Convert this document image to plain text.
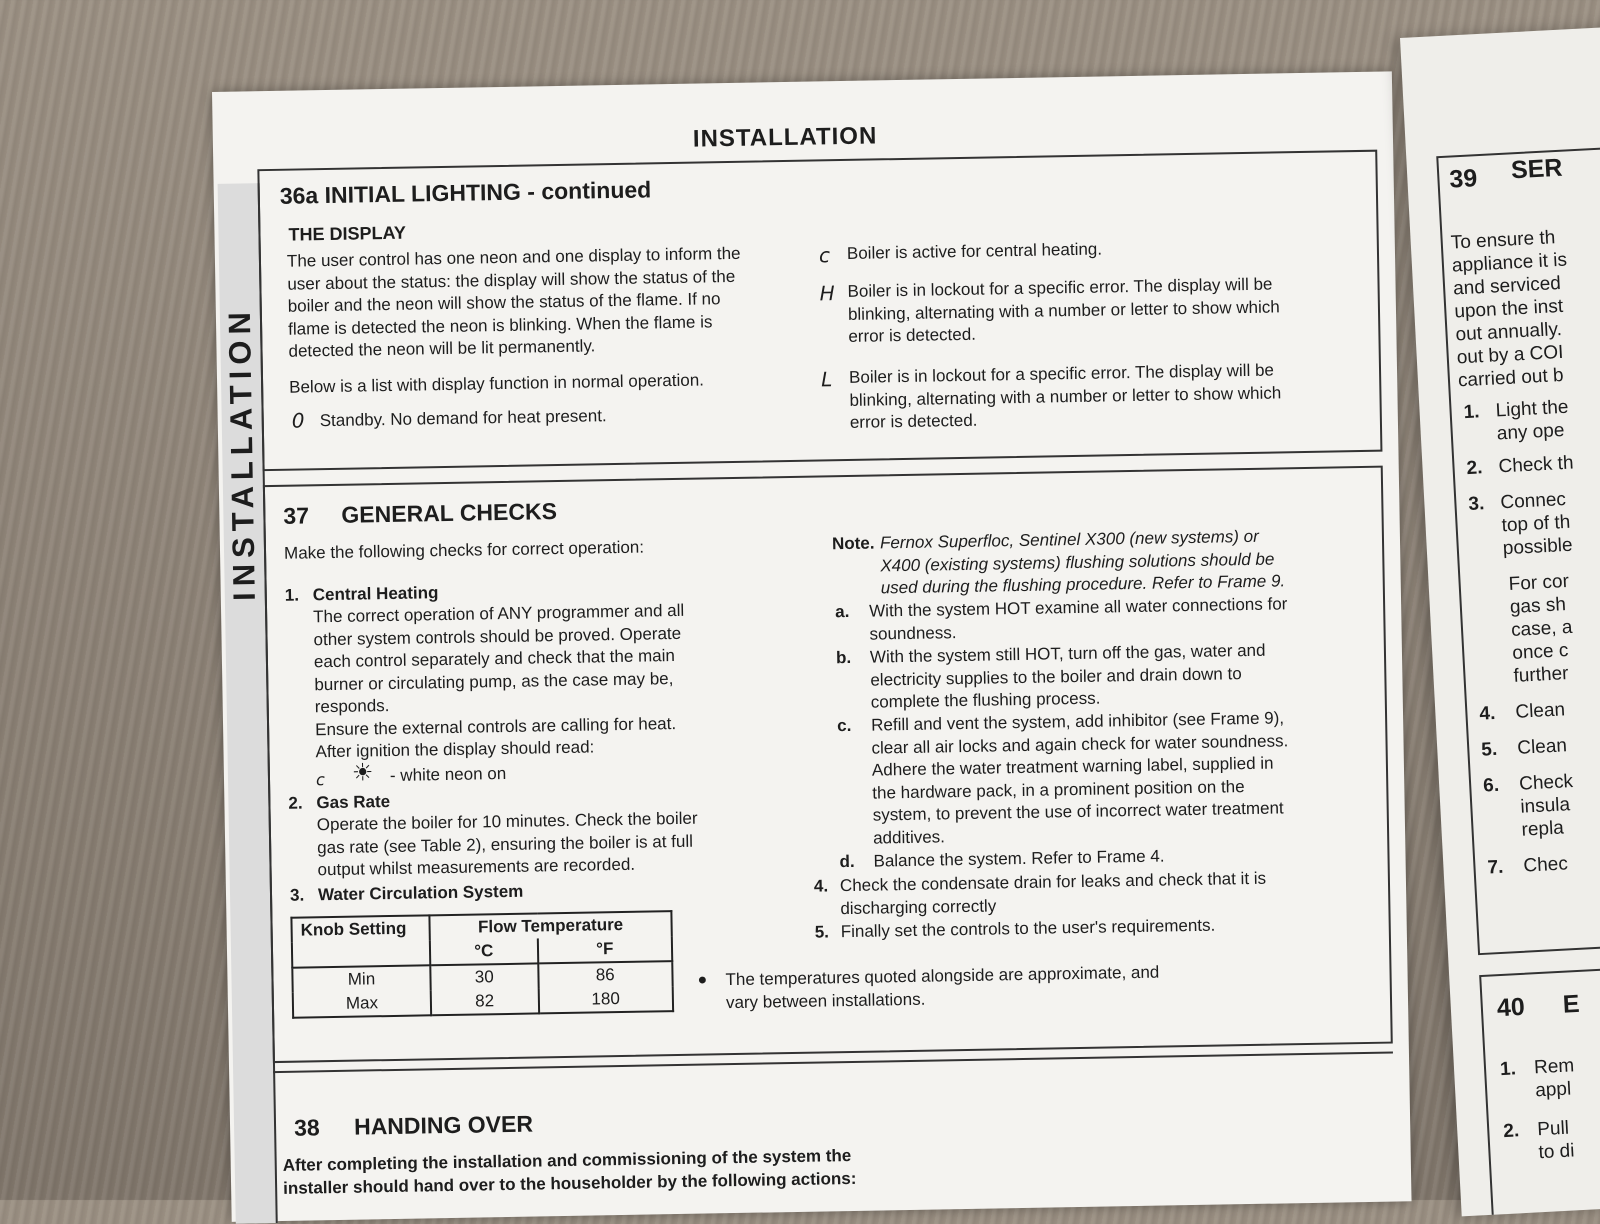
INSTALLATION
INSTALLATION
36a INITIAL LIGHTING - continued
THE DISPLAY
The user control has one neon and one display to inform the
user about the status: the display will show the status of the
boiler and the neon will show the status of the flame. If no
flame is detected the neon is blinking. When the flame is
detected the neon will be lit permanently.
Below is a list with display function in normal operation.
0 Standby. No demand for heat present.
c Boiler is active for central heating.
H Boiler is in lockout for a specific error. The display will be
blinking, alternating with a number or letter to show which
error is detected.
L Boiler is in lockout for a specific error. The display will be
blinking, alternating with a number or letter to show which
error is detected.
37 GENERAL CHECKS
Make the following checks for correct operation:
1. Central Heating
The correct operation of ANY programmer and all
other system controls should be proved. Operate
each control separately and check that the main
burner or circulating pump, as the case may be,
responds.
Ensure the external controls are calling for heat.
After ignition the display should read:
c ☀ - white neon on
2. Gas Rate
Operate the boiler for 10 minutes. Check the boiler
gas rate (see Table 2), ensuring the boiler is at full
output whilst measurements are recorded.
3. Water Circulation System
Knob Setting	Flow Temperature	
	°C	°F
Min	30	86
Max	82	180
Note. Fernox Superfloc, Sentinel X300 (new systems) or
X400 (existing systems) flushing solutions should be
used during the flushing procedure. Refer to Frame 9.
a. With the system HOT examine all water connections for
soundness.
b. With the system still HOT, turn off the gas, water and
electricity supplies to the boiler and drain down to
complete the flushing process.
c. Refill and vent the system, add inhibitor (see Frame 9),
clear all air locks and again check for water soundness.
Adhere the water treatment warning label, supplied in
the hardware pack, in a prominent position on the
system, to prevent the use of incorrect water treatment
additives.
d. Balance the system. Refer to Frame 4.
4. Check the condensate drain for leaks and check that it is
discharging correctly
5. Finally set the controls to the user's requirements.
● The temperatures quoted alongside are approximate, and
vary between installations.
38 HANDING OVER
After completing the installation and commissioning of the system the
installer should hand over to the householder by the following actions:
39 SER
To ensure th
appliance it is
and serviced
upon the inst
out annually.
out by a COI
carried out b
1. Light the
any ope
2. Check th
3. Connec
top of th
possible
For cor
gas sh
case, a
once c
further
4. Clean
5. Clean
6. Check
insula
repla
7. Chec
40 E
1. Rem
appl
2. Pull
to di
